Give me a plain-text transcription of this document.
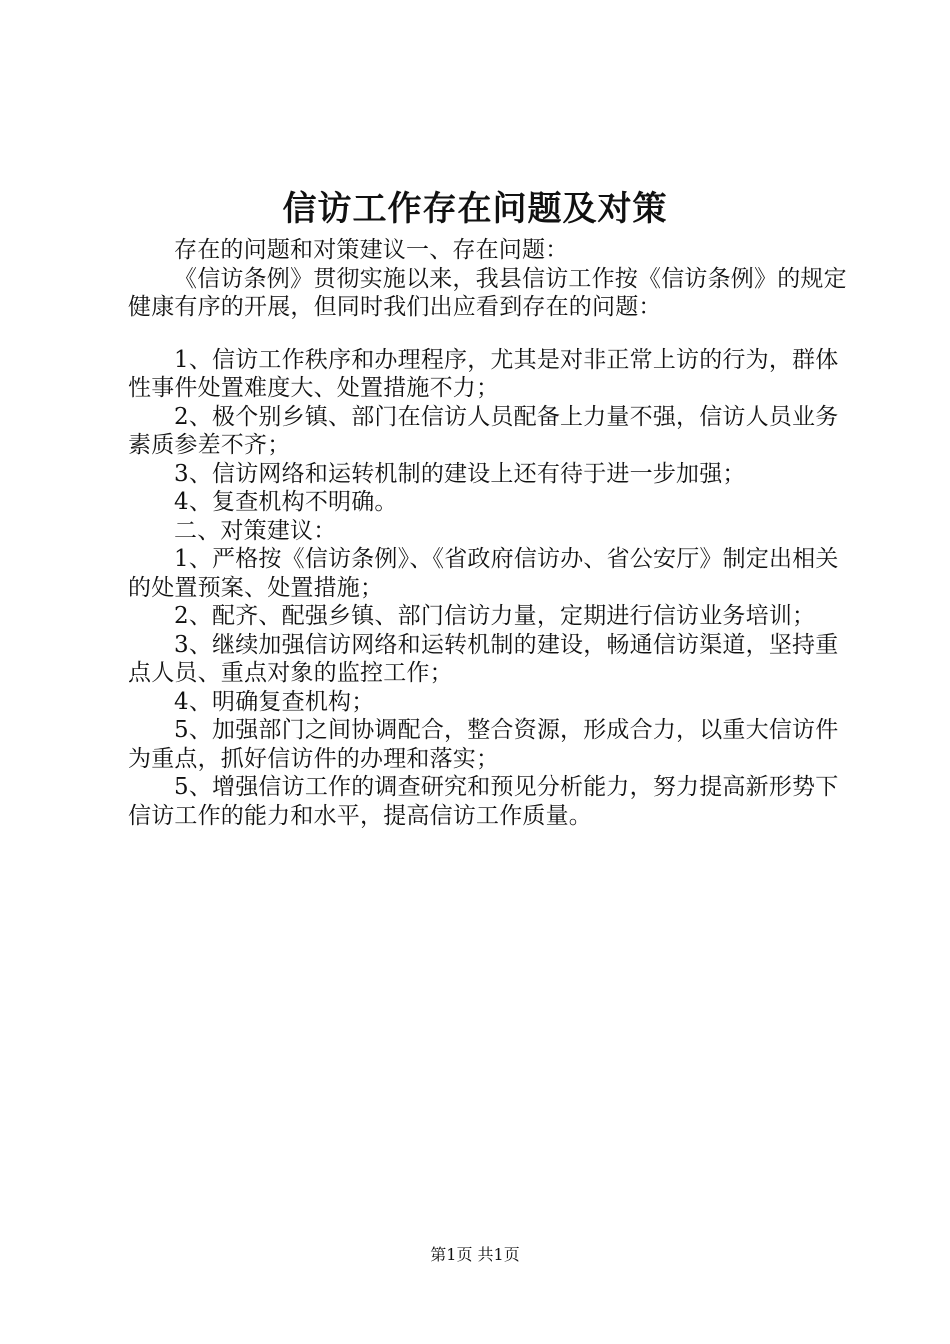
信访工作存在问题及对策

存在的问题和对策建议一、存在问题：

《信访条例》贯彻实施以来，我县信访工作按《信访条例》的规定健康有序的开展，但同时我们出应看到存在的问题：

1、信访工作秩序和办理程序，尤其是对非正常上访的行为，群体性事件处置难度大、处置措施不力；

2、极个别乡镇、部门在信访人员配备上力量不强，信访人员业务素质参差不齐；

3、信访网络和运转机制的建设上还有待于进一步加强；

4、复查机构不明确。

二、对策建议：

1、严格按《信访条例》、《省政府信访办、省公安厅》制定出相关的处置预案、处置措施；

2、配齐、配强乡镇、部门信访力量，定期进行信访业务培训；

3、继续加强信访网络和运转机制的建设，畅通信访渠道，坚持重点人员、重点对象的监控工作；

4、明确复查机构；

5、加强部门之间协调配合，整合资源，形成合力，以重大信访件为重点，抓好信访件的办理和落实；

5、增强信访工作的调查研究和预见分析能力，努力提高新形势下信访工作的能力和水平，提高信访工作质量。

第1页 共1页
